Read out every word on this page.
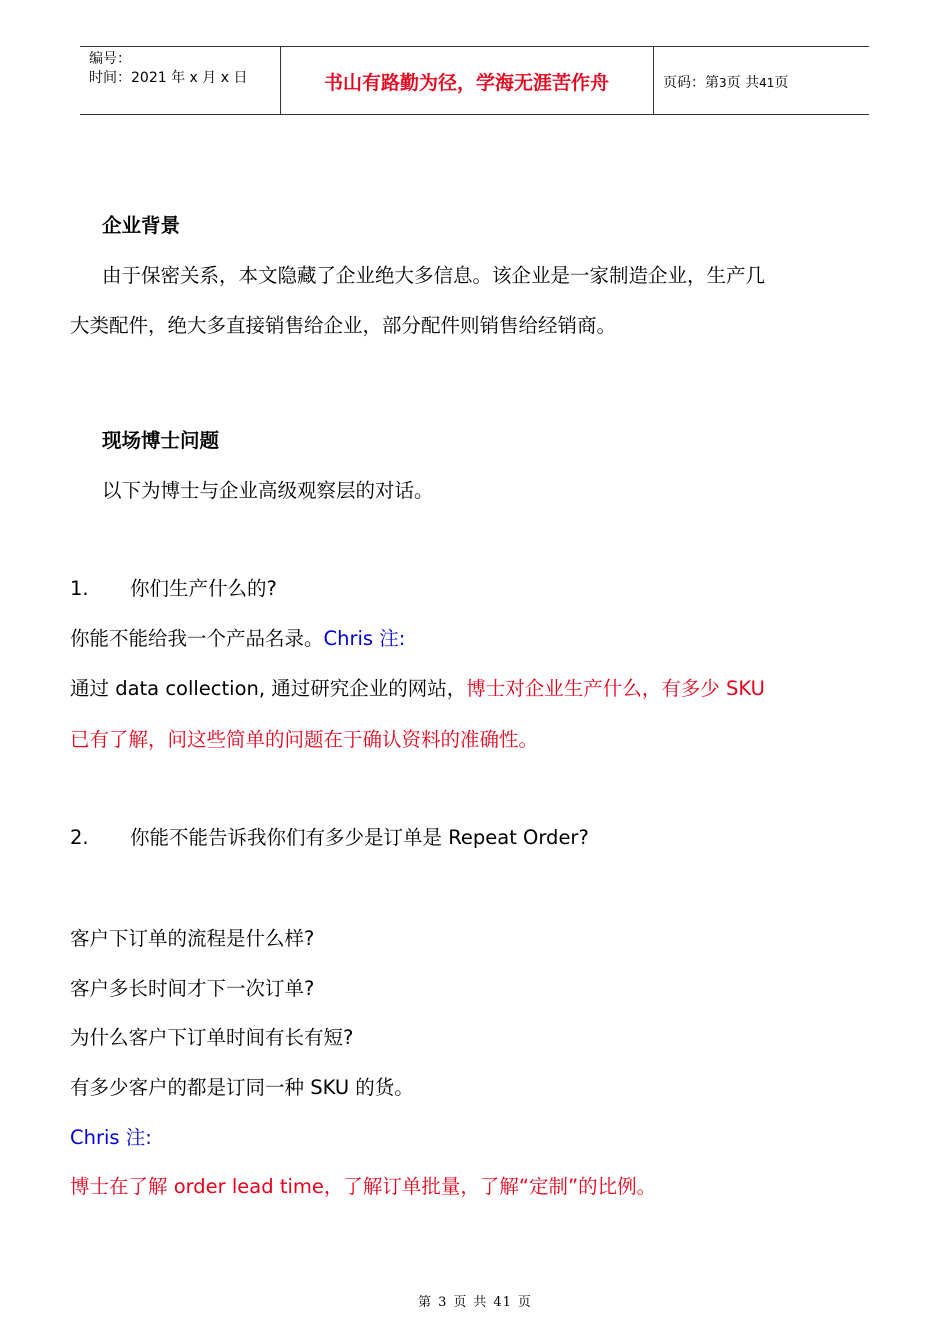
编号：
时间：2021 年 x 月 x 日	书山有路勤为径，学海无涯苦作舟	页码：第3页 共41页
企业背景
由于保密关系，本文隐藏了企业绝大多信息。该企业是一家制造企业，生产几
大类配件，绝大多直接销售给企业，部分配件则销售给经销商。
现场博士问题
以下为博士与企业高级观察层的对话。
1. 你们生产什么的?
你能不能给我一个产品名录。Chris 注:
通过 data collection, 通过研究企业的网站，博士对企业生产什么，有多少 SKU
已有了解，问这些简单的问题在于确认资料的准确性。
2. 你能不能告诉我你们有多少是订单是 Repeat Order?
客户下订单的流程是什么样?
客户多长时间才下一次订单?
为什么客户下订单时间有长有短?
有多少客户的都是订同一种 SKU 的货。
Chris 注:
博士在了解 order lead time，了解订单批量，了解“定制”的比例。
第 3 页 共 41 页
